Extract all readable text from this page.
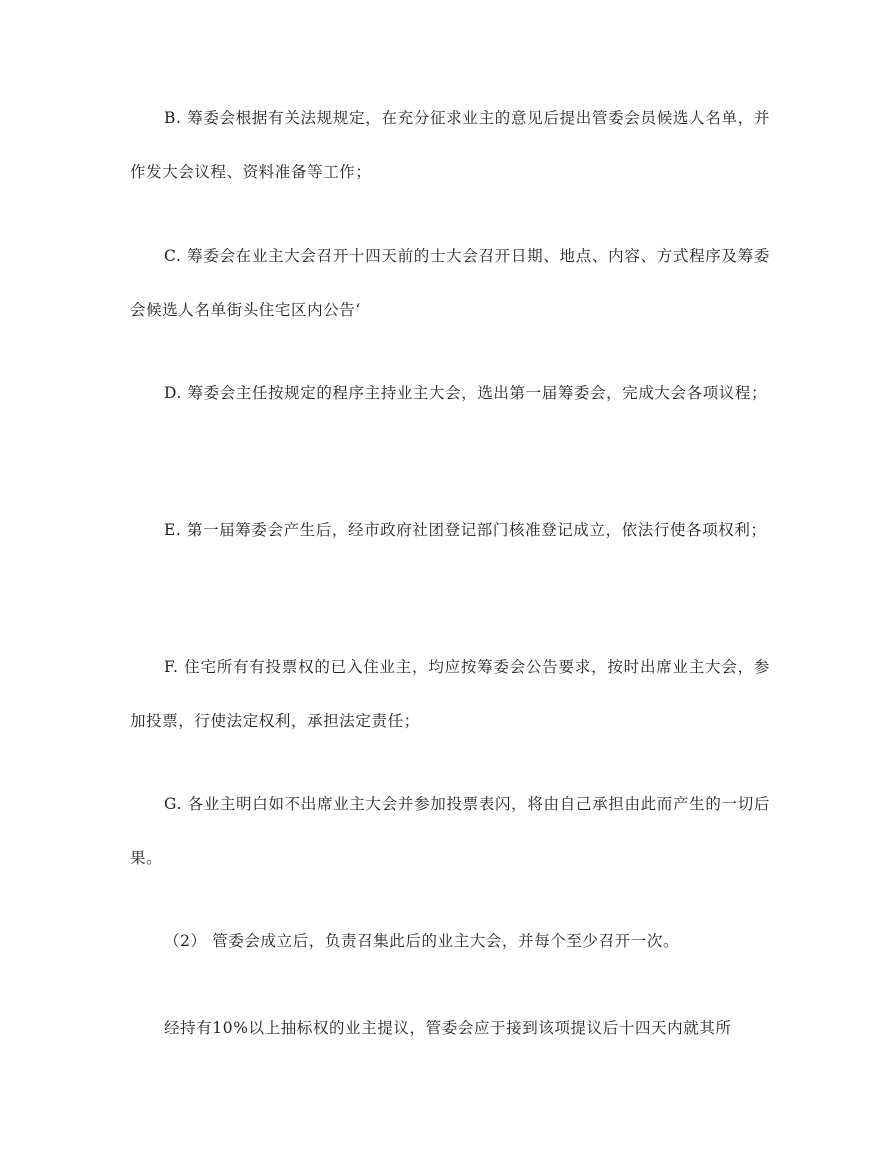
B. 筹委会根据有关法规规定，在充分征求业主的意见后提出管委会员候选人名单，并作发大会议程、资料准备等工作；

C. 筹委会在业主大会召开十四天前的士大会召开日期、地点、内容、方式程序及筹委会候选人名单街头住宅区内公告‘

D. 筹委会主任按规定的程序主持业主大会，选出第一届筹委会，完成大会各项议程；

E. 第一届筹委会产生后，经市政府社团登记部门核准登记成立，依法行使各项权利；

F. 住宅所有有投票权的已入住业主，均应按筹委会公告要求，按时出席业主大会，参加投票，行使法定权利，承担法定责任；

G. 各业主明白如不出席业主大会并参加投票表闪，将由自己承担由此而产生的一切后果。

（2） 管委会成立后，负责召集此后的业主大会，并每个至少召开一次。

经持有10%以上抽标权的业主提议，管委会应于接到该项提议后十四天内就其所
